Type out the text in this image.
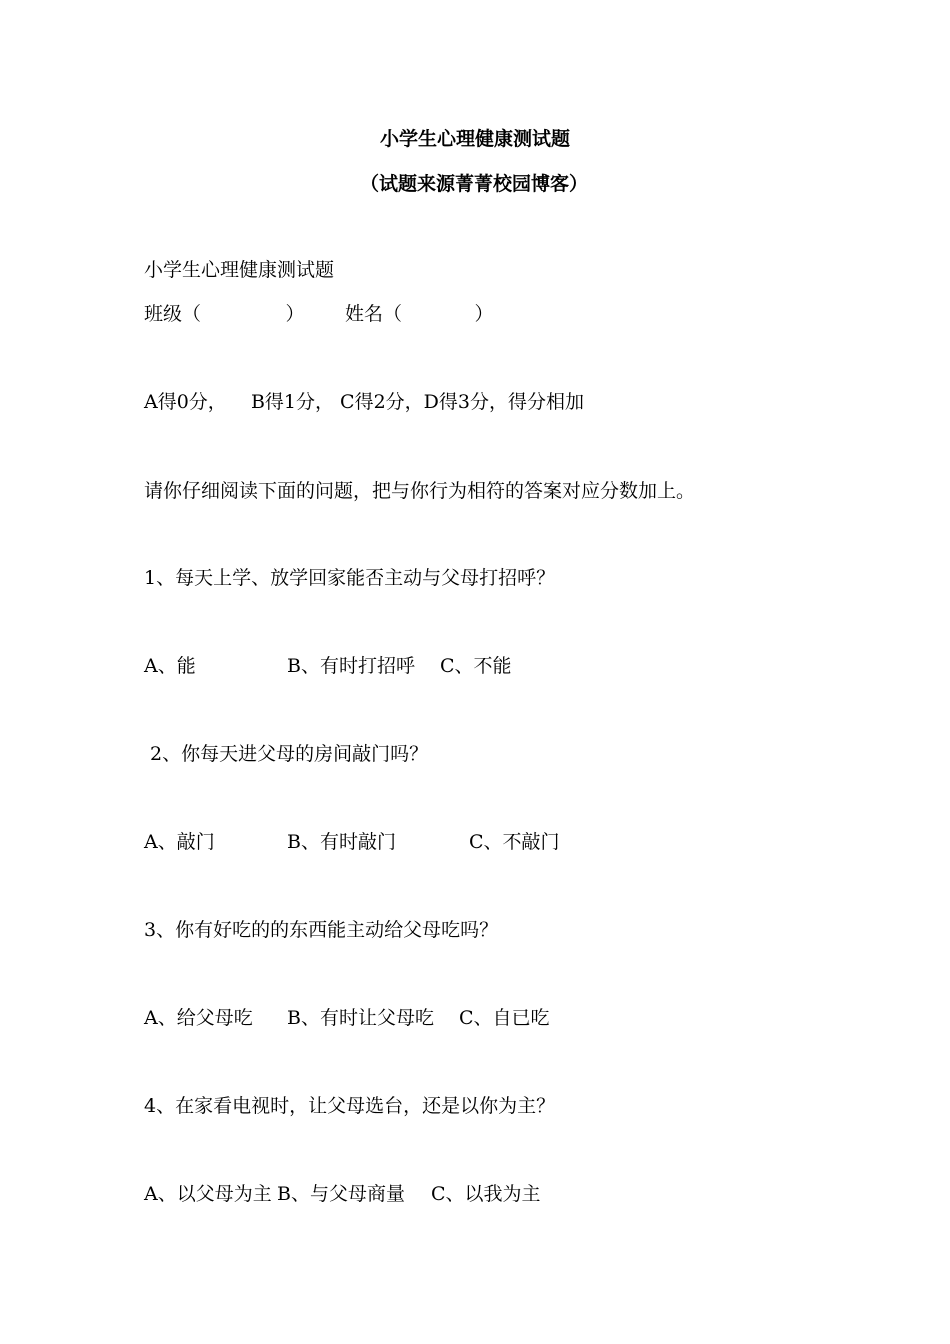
小学生心理健康测试题
（试题来源菁菁校园博客）
小学生心理健康测试题
班级（              ） 姓名（            ）
A得0分，    B得1分， C得2分，D得3分，得分相加
请你仔细阅读下面的问题，把与你行为相符的答案对应分数加上。
1、每天上学、放学回家能否主动与父母打招呼？
A、能	B、有时打招呼 C、不能
2、你每天进父母的房间敲门吗？
A、敲门	B、有时敲门	C、不敲门
3、你有好吃的的东西能主动给父母吃吗？
A、给父母吃 B、有时让父母吃 C、自已吃
4、在家看电视时，让父母选台，还是以你为主？
A、以父母为主 B、与父母商量 C、以我为主
